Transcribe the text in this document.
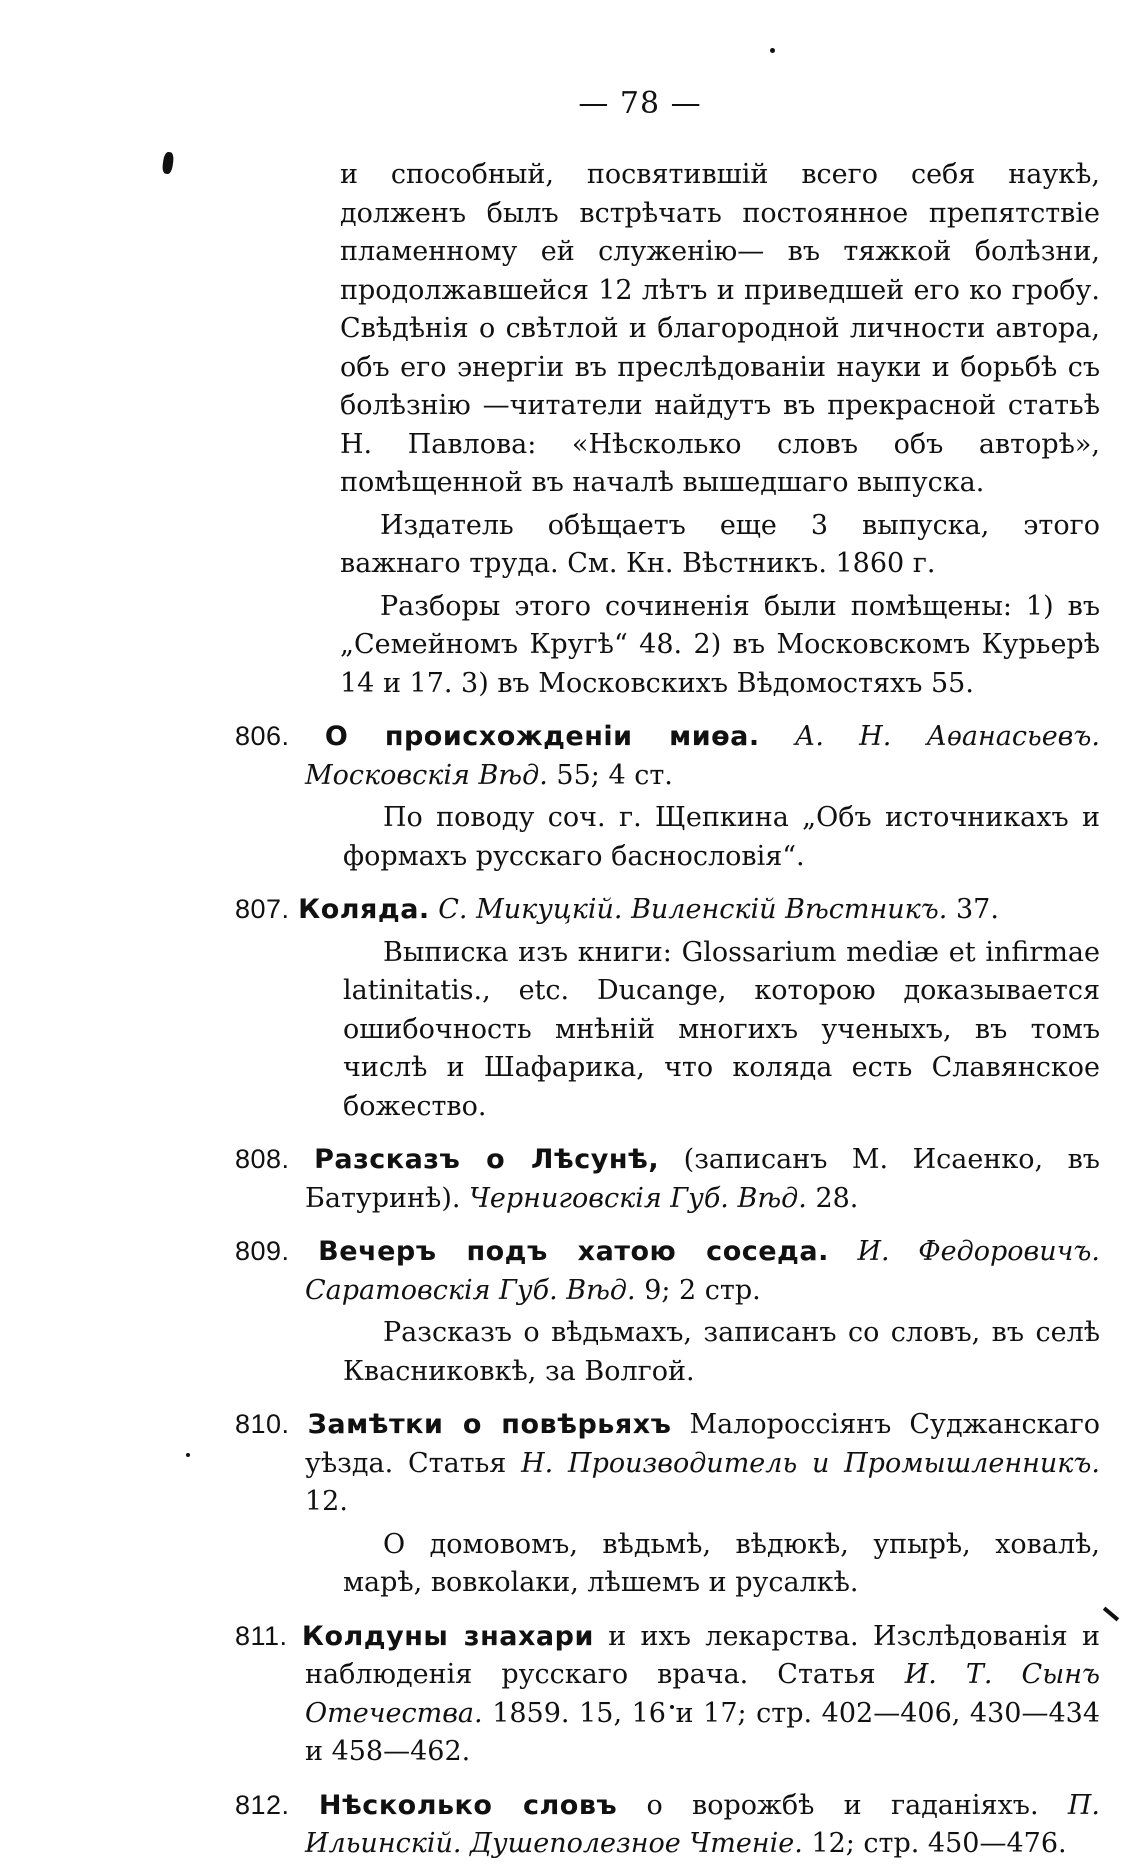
— 78 —

и способный, посвятившій всего себя наукѣ, долженъ былъ встрѣчать постоянное препятствіе пламенному ей служенію— въ тяжкой болѣзни, продолжавшейся 12 лѣтъ и приведшей его ко гробу. Свѣдѣнія о свѣтлой и благородной личности автора, объ его энергіи въ преслѣдованіи науки и борьбѣ съ болѣзнію —читатели найдутъ въ прекрасной статьѣ Н. Павлова: «Нѣсколько словъ объ авторѣ», помѣщенной въ началѣ вышедшаго выпуска.

Издатель обѣщаетъ еще 3 выпуска, этого важнаго труда. См. Кн. Вѣстникъ. 1860 г.

Разборы этого сочиненія были помѣщены: 1) въ „Семейномъ Кругѣ“ 48. 2) въ Московскомъ Курьерѣ 14 и 17. 3) въ Московскихъ Вѣдомостяхъ 55.

806. О происхожденіи миѳа. А. Н. Аѳанасьевъ. Московскія Вѣд. 55; 4 ст.
По поводу соч. г. Щепкина „Объ источникахъ и формахъ русскаго баснословія“.
807. Коляда. С. Микуцкій. Виленскій Вѣстникъ. 37.
Выписка изъ книги: Glossarium mediæ et infirmae latinitatis., etc. Ducange, которою доказывается ошибочность мнѣній многихъ ученыхъ, въ томъ числѣ и Шафарика, что коляда есть Славянское божество.
808. Разсказъ о Лѣсунѣ, (записанъ М. Исаенко, въ Батуринѣ). Черниговскія Губ. Вѣд. 28.
809. Вечеръ подъ хатою соседа. И. Федоровичъ. Саратовскія Губ. Вѣд. 9; 2 стр.
Разсказъ о вѣдьмахъ, записанъ со словъ, въ селѣ Квасниковкѣ, за Волгой.
810. Замѣтки о повѣрьяхъ Малороссіянъ Суджанскаго уѣзда. Статья Н. Производитель и Промышленникъ. 12.
О домовомъ, вѣдьмѣ, вѣдюкѣ, упырѣ, ховалѣ, марѣ, вовкolaки, лѣшемъ и русалкѣ.
811. Колдуны знахари и ихъ лекарства. Изслѣдованія и наблюденія русскаго врача. Статья И. Т. Сынъ Отечества. 1859. 15, 16 и 17; стр. 402—406, 430—434 и 458—462.
812. Нѣсколько словъ о ворожбѣ и гаданіяхъ. П. Ильинскій. Душеполезное Чтеніе. 12; стр. 450—476.
